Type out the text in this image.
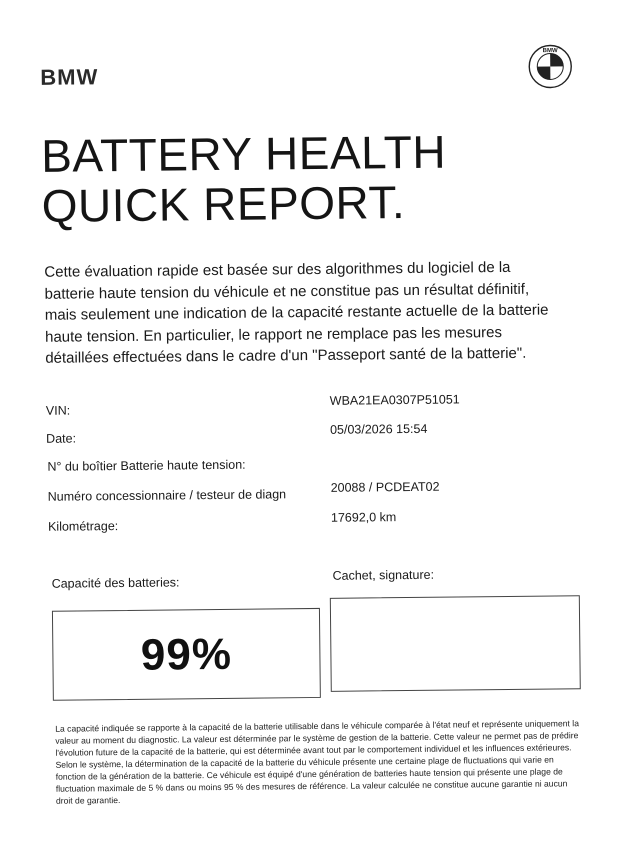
BMW
BMW
BATTERY HEALTH
QUICK REPORT.

Cette évaluation rapide est basée sur des algorithmes du logiciel de la batterie haute tension du véhicule et ne constitue pas un résultat définitif, mais seulement une indication de la capacité restante actuelle de la batterie haute tension. En particulier, le rapport ne remplace pas les mesures détaillées effectuées dans le cadre d'un "Passeport santé de la batterie".

VIN:
WBA21EA0307P51051
Date:
05/03/2026 15:54
N° du boîtier Batterie haute tension:
Numéro concessionnaire / testeur de diagn
20088 / PCDEAT02
Kilométrage:
17692,0 km
Capacité des batteries:
Cachet, signature:
99%

La capacité indiquée se rapporte à la capacité de la batterie utilisable dans le véhicule comparée à l'état neuf et représente uniquement la valeur au moment du diagnostic. La valeur est déterminée par le système de gestion de la batterie. Cette valeur ne permet pas de prédire l'évolution future de la capacité de la batterie, qui est déterminée avant tout par le comportement individuel et les influences extérieures. Selon le système, la détermination de la capacité de la batterie du véhicule présente une certaine plage de fluctuations qui varie en fonction de la génération de la batterie. Ce véhicule est équipé d'une génération de batteries haute tension qui présente une plage de fluctuation maximale de 5 % dans ou moins 95 % des mesures de référence. La valeur calculée ne constitue aucune garantie ni aucun droit de garantie.
